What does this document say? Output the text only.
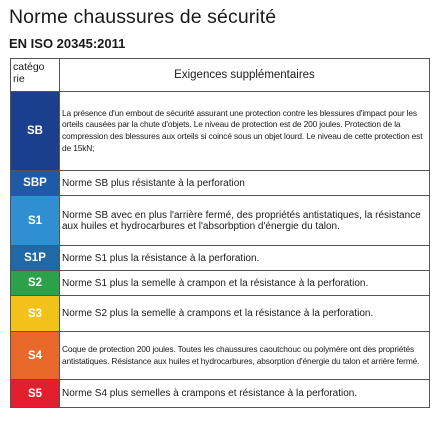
Norme chaussures de sécurité
EN ISO 20345:2011
catégo rie	Exigences supplémentaires
SB	La présence d'un embout de sécurité assurant une protection contre les blessures d'impact pour les orteils causées par la chute d'objets. Le niveau de protection est de 200 joules. Protection de la compression des blessures aux orteils si coincé sous un objet lourd. Le niveau de cette protection est de 15kN;
SBP	Norme SB plus résistante à la perforation
S1	Norme SB avec en plus l'arrière fermé, des propriétés antistatiques, la résistance aux huiles et hydrocarbures et l'absorbption d'énergie du talon.
S1P	Norme S1 plus la résistance à la perforation.
S2	Norme S1 plus la semelle à crampon et la résistance à la perforation.
S3	Norme S2 plus la semelle à crampons et la résistance à la perforation.
S4	Coque de protection 200 joules. Toutes les chaussures caoutchouc ou polymère ont des propriétés antistatiques. Résistance aux huiles et hydrocarbures, absorption d'énergie du talon et arrière fermé.
S5	Norme S4 plus semelles à crampons et résistance à la perforation.
